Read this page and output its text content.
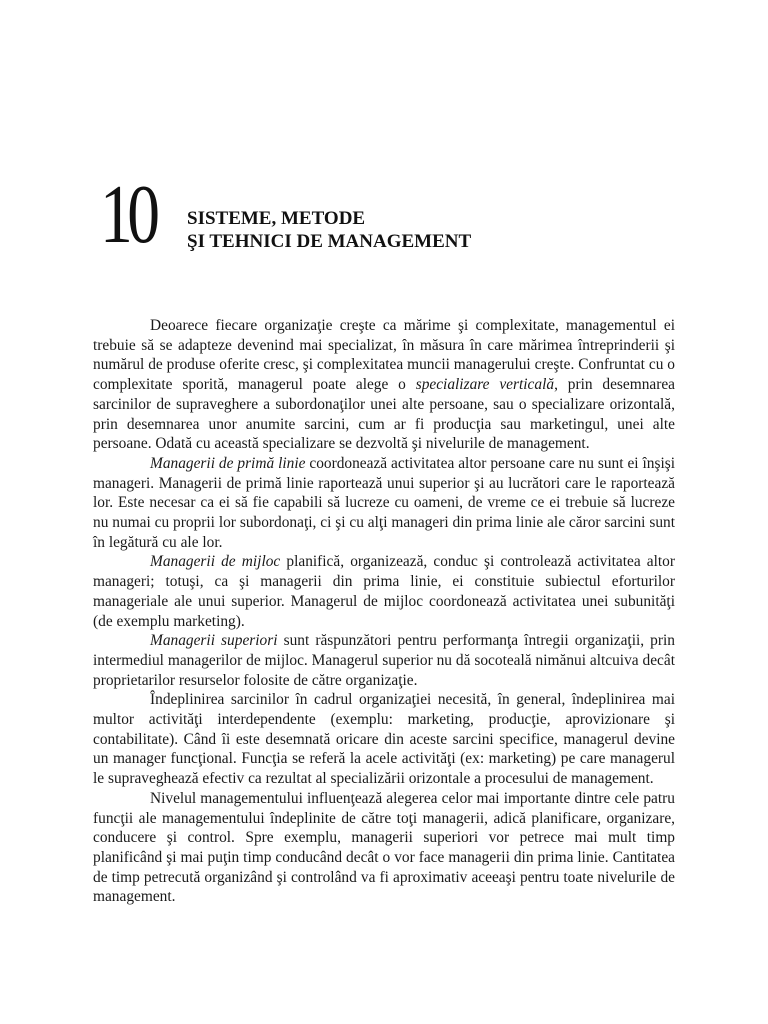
10 SISTEME, METODE
ŞI TEHNICI DE MANAGEMENT

Deoarece fiecare organizaţie creşte ca mărime şi complexitate, managementul ei trebuie să se adapteze devenind mai specializat, în măsura în care mărimea întreprinderii şi numărul de produse oferite cresc, şi complexitatea muncii managerului creşte. Confruntat cu o complexitate sporită, managerul poate alege o specializare verticală, prin desemnarea sarcinilor de supraveghere a subordonaţilor unei alte persoane, sau o specializare orizontală, prin desemnarea unor anumite sarcini, cum ar fi producţia sau marketingul, unei alte persoane. Odată cu această specializare se dezvoltă şi nivelurile de management.

Managerii de primă linie coordonează activitatea altor persoane care nu sunt ei înşişi manageri. Managerii de primă linie raportează unui superior şi au lucrători care le raportează lor. Este necesar ca ei să fie capabili să lucreze cu oameni, de vreme ce ei trebuie să lucreze nu numai cu proprii lor subordonaţi, ci şi cu alţi manageri din prima linie ale căror sarcini sunt în legătură cu ale lor.

Managerii de mijloc planifică, organizează, conduc şi controlează activitatea altor manageri; totuşi, ca şi managerii din prima linie, ei constituie subiectul eforturilor manageriale ale unui superior. Managerul de mijloc coordonează activitatea unei subunităţi (de exemplu marketing).

Managerii superiori sunt răspunzători pentru performanţa întregii organizaţii, prin intermediul managerilor de mijloc. Managerul superior nu dă socoteală nimănui altcuiva decât proprietarilor resurselor folosite de către organizaţie.

Îndeplinirea sarcinilor în cadrul organizaţiei necesită, în general, îndeplinirea mai multor activităţi interdependente (exemplu: marketing, producţie, aprovizionare şi contabilitate). Când îi este desemnată oricare din aceste sarcini specifice, managerul devine un manager funcţional. Funcţia se referă la acele activităţi (ex: marketing) pe care managerul le supraveghează efectiv ca rezultat al specializării orizontale a procesului de management.

Nivelul managementului influenţează alegerea celor mai importante dintre cele patru funcţii ale managementului îndeplinite de către toţi managerii, adică planificare, organizare, conducere şi control. Spre exemplu, managerii superiori vor petrece mai mult timp planificând şi mai puţin timp conducând decât o vor face managerii din prima linie. Cantitatea de timp petrecută organizând şi controlând va fi aproximativ aceeaşi pentru toate nivelurile de management.
